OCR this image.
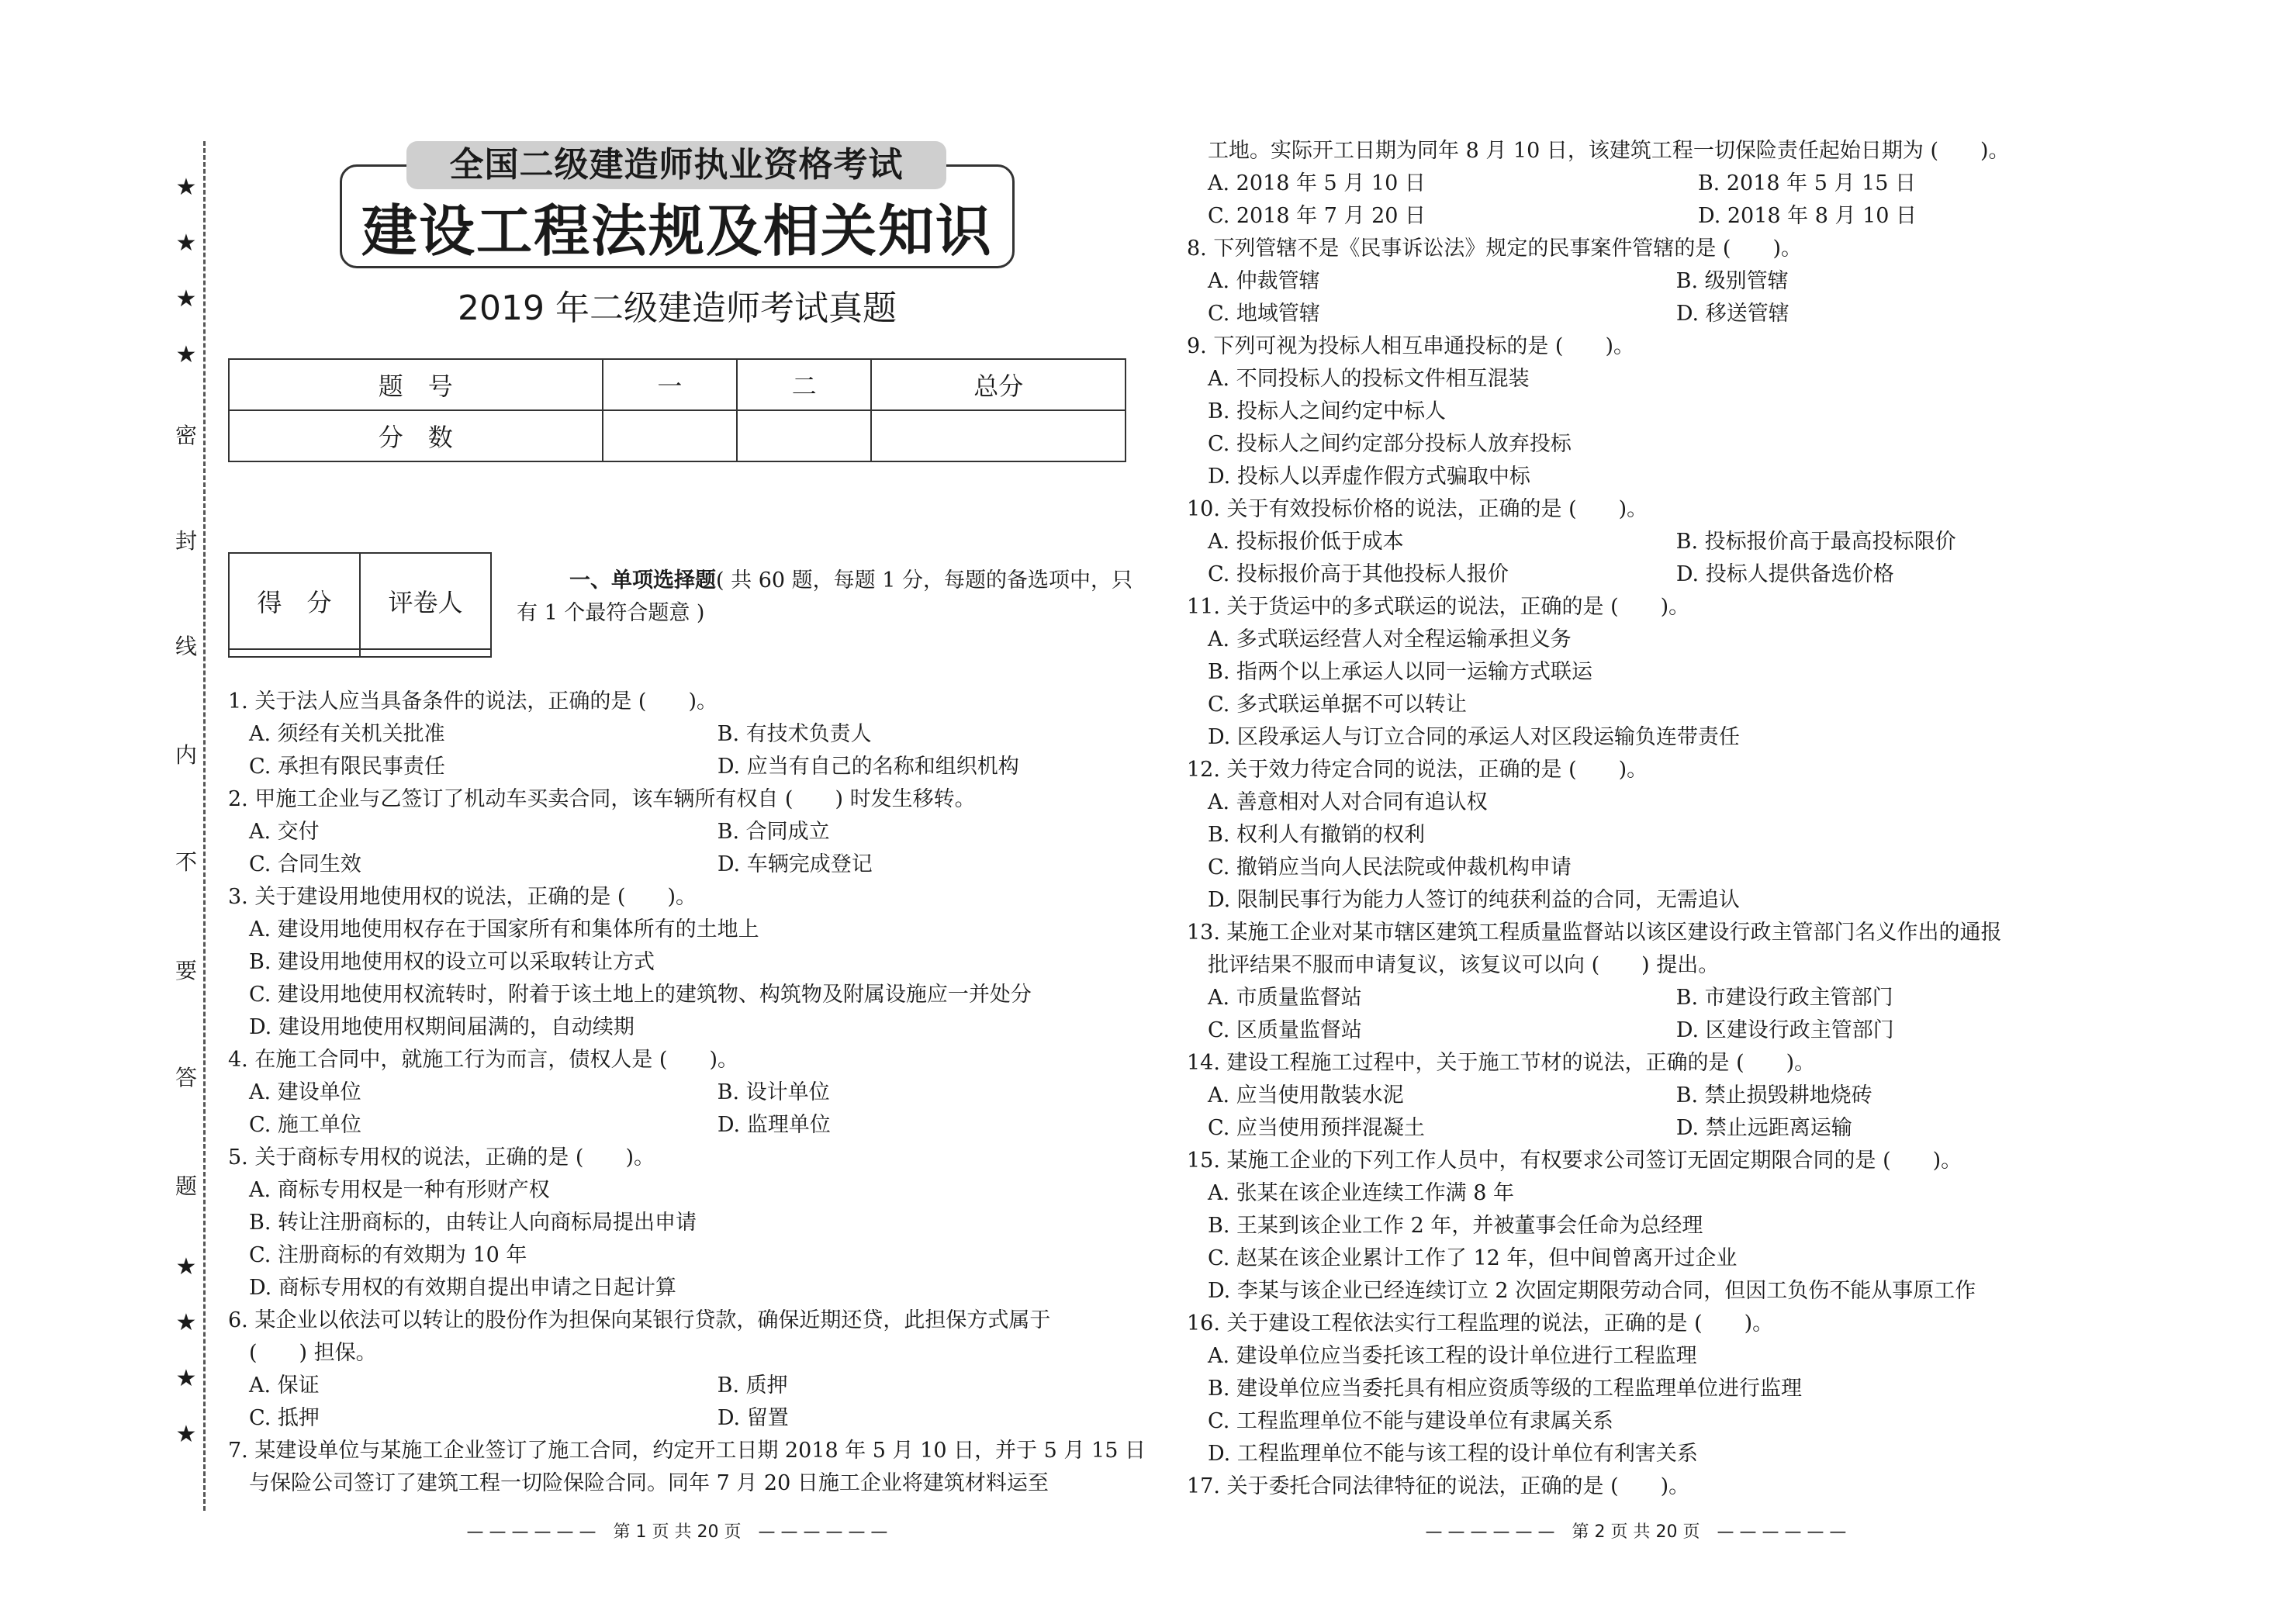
★
★
★
★
密
封
线
内
不
要
答
题
★
★
★
★
全国二级建造师执业资格考试
建设工程法规及相关知识
2019 年二级建造师考试真题
题　号	一	二	总分
分　数			
得　分	评卷人

一、单项选择题( 共 60 题，每题 1 分，每题的备选项中，只有 1 个最符合题意 )
1. 关于法人应当具备条件的说法，正确的是 (　　)。
　A. 须经有关机关批准　　　　　　　　　　　　　B. 有技术负责人
　C. 承担有限民事责任　　　　　　　　　　　　　D. 应当有自己的名称和组织机构
2. 甲施工企业与乙签订了机动车买卖合同，该车辆所有权自 (　　) 时发生移转。
　A. 交付　　　　　　　　　　　　　　　　　　　B. 合同成立
　C. 合同生效　　　　　　　　　　　　　　　　　D. 车辆完成登记
3. 关于建设用地使用权的说法，正确的是 (　　)。
　A. 建设用地使用权存在于国家所有和集体所有的土地上
　B. 建设用地使用权的设立可以采取转让方式
　C. 建设用地使用权流转时，附着于该土地上的建筑物、构筑物及附属设施应一并处分
　D. 建设用地使用权期间届满的，自动续期
4. 在施工合同中，就施工行为而言，债权人是 (　　)。
　A. 建设单位　　　　　　　　　　　　　　　　　B. 设计单位
　C. 施工单位　　　　　　　　　　　　　　　　　D. 监理单位
5. 关于商标专用权的说法，正确的是 (　　)。
　A. 商标专用权是一种有形财产权
　B. 转让注册商标的，由转让人向商标局提出申请
　C. 注册商标的有效期为 10 年
　D. 商标专用权的有效期自提出申请之日起计算
6. 某企业以依法可以转让的股份作为担保向某银行贷款，确保近期还贷，此担保方式属于
　(　　) 担保。
　A. 保证　　　　　　　　　　　　　　　　　　　B. 质押
　C. 抵押　　　　　　　　　　　　　　　　　　　D. 留置
7. 某建设单位与某施工企业签订了施工合同，约定开工日期 2018 年 5 月 10 日，并于 5 月 15 日
　与保险公司签订了建筑工程一切险保险合同。同年 7 月 20 日施工企业将建筑材料运至
　工地。实际开工日期为同年 8 月 10 日，该建筑工程一切保险责任起始日期为 (　　)。
　A. 2018 年 5 月 10 日　　　　　　　　　　　　　B. 2018 年 5 月 15 日
　C. 2018 年 7 月 20 日　　　　　　　　　　　　　D. 2018 年 8 月 10 日
8. 下列管辖不是《民事诉讼法》规定的民事案件管辖的是 (　　)。
　A. 仲裁管辖　　　　　　　　　　　　　　　　　B. 级别管辖
　C. 地域管辖　　　　　　　　　　　　　　　　　D. 移送管辖
9. 下列可视为投标人相互串通投标的是 (　　)。
　A. 不同投标人的投标文件相互混装
　B. 投标人之间约定中标人
　C. 投标人之间约定部分投标人放弃投标
　D. 投标人以弄虚作假方式骗取中标
10. 关于有效投标价格的说法，正确的是 (　　)。
　A. 投标报价低于成本　　　　　　　　　　　　　B. 投标报价高于最高投标限价
　C. 投标报价高于其他投标人报价　　　　　　　　D. 投标人提供备选价格
11. 关于货运中的多式联运的说法，正确的是 (　　)。
　A. 多式联运经营人对全程运输承担义务
　B. 指两个以上承运人以同一运输方式联运
　C. 多式联运单据不可以转让
　D. 区段承运人与订立合同的承运人对区段运输负连带责任
12. 关于效力待定合同的说法，正确的是 (　　)。
　A. 善意相对人对合同有追认权
　B. 权利人有撤销的权利
　C. 撤销应当向人民法院或仲裁机构申请
　D. 限制民事行为能力人签订的纯获利益的合同，无需追认
13. 某施工企业对某市辖区建筑工程质量监督站以该区建设行政主管部门名义作出的通报
　批评结果不服而申请复议，该复议可以向 (　　) 提出。
　A. 市质量监督站　　　　　　　　　　　　　　　B. 市建设行政主管部门
　C. 区质量监督站　　　　　　　　　　　　　　　D. 区建设行政主管部门
14. 建设工程施工过程中，关于施工节材的说法，正确的是 (　　)。
　A. 应当使用散装水泥　　　　　　　　　　　　　B. 禁止损毁耕地烧砖
　C. 应当使用预拌混凝土　　　　　　　　　　　　D. 禁止远距离运输
15. 某施工企业的下列工作人员中，有权要求公司签订无固定期限合同的是 (　　)。
　A. 张某在该企业连续工作满 8 年
　B. 王某到该企业工作 2 年，并被董事会任命为总经理
　C. 赵某在该企业累计工作了 12 年，但中间曾离开过企业
　D. 李某与该企业已经连续订立 2 次固定期限劳动合同，但因工负伤不能从事原工作
16. 关于建设工程依法实行工程监理的说法，正确的是 (　　)。
　A. 建设单位应当委托该工程的设计单位进行工程监理
　B. 建设单位应当委托具有相应资质等级的工程监理单位进行监理
　C. 工程监理单位不能与建设单位有隶属关系
　D. 工程监理单位不能与该工程的设计单位有利害关系
17. 关于委托合同法律特征的说法，正确的是 (　　)。
— — — — — —　第 1 页 共 20 页　— — — — — —	— — — — — —　第 2 页 共 20 页　— — — — — —
